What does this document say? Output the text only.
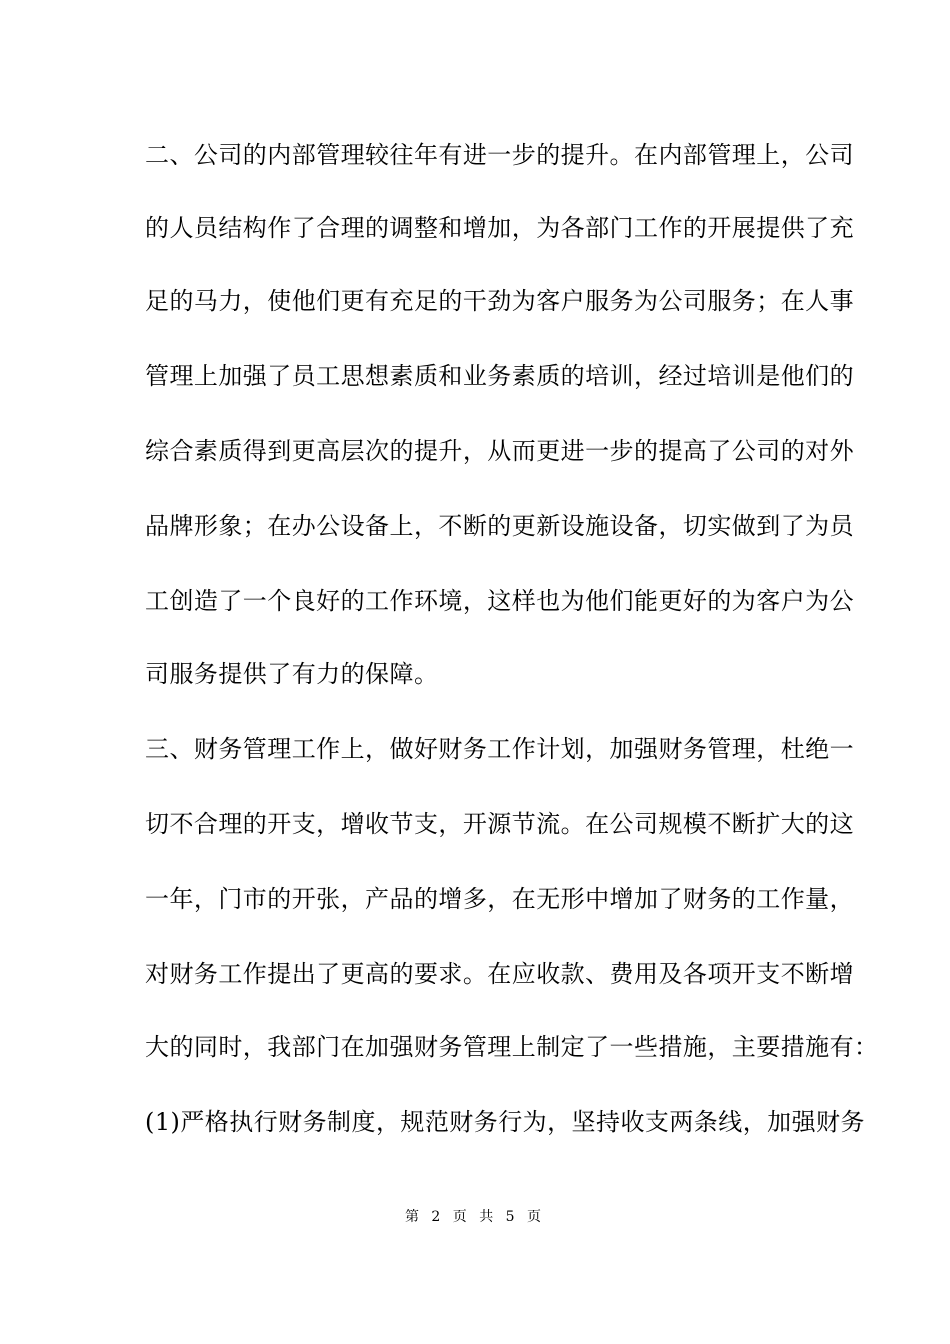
二、公司的内部管理较往年有进一步的提升。在内部管理上，公司
的人员结构作了合理的调整和增加，为各部门工作的开展提供了充
足的马力，使他们更有充足的干劲为客户服务为公司服务；在人事
管理上加强了员工思想素质和业务素质的培训，经过培训是他们的
综合素质得到更高层次的提升，从而更进一步的提高了公司的对外
品牌形象；在办公设备上，不断的更新设施设备，切实做到了为员
工创造了一个良好的工作环境，这样也为他们能更好的为客户为公
司服务提供了有力的保障。
三、财务管理工作上，做好财务工作计划，加强财务管理，杜绝一
切不合理的开支，增收节支，开源节流。在公司规模不断扩大的这
一年，门市的开张，产品的增多，在无形中增加了财务的工作量，
对财务工作提出了更高的要求。在应收款、费用及各项开支不断增
大的同时，我部门在加强财务管理上制定了一些措施，主要措施有：
(1)严格执行财务制度，规范财务行为，坚持收支两条线，加强财务
第 2 页 共 5 页
